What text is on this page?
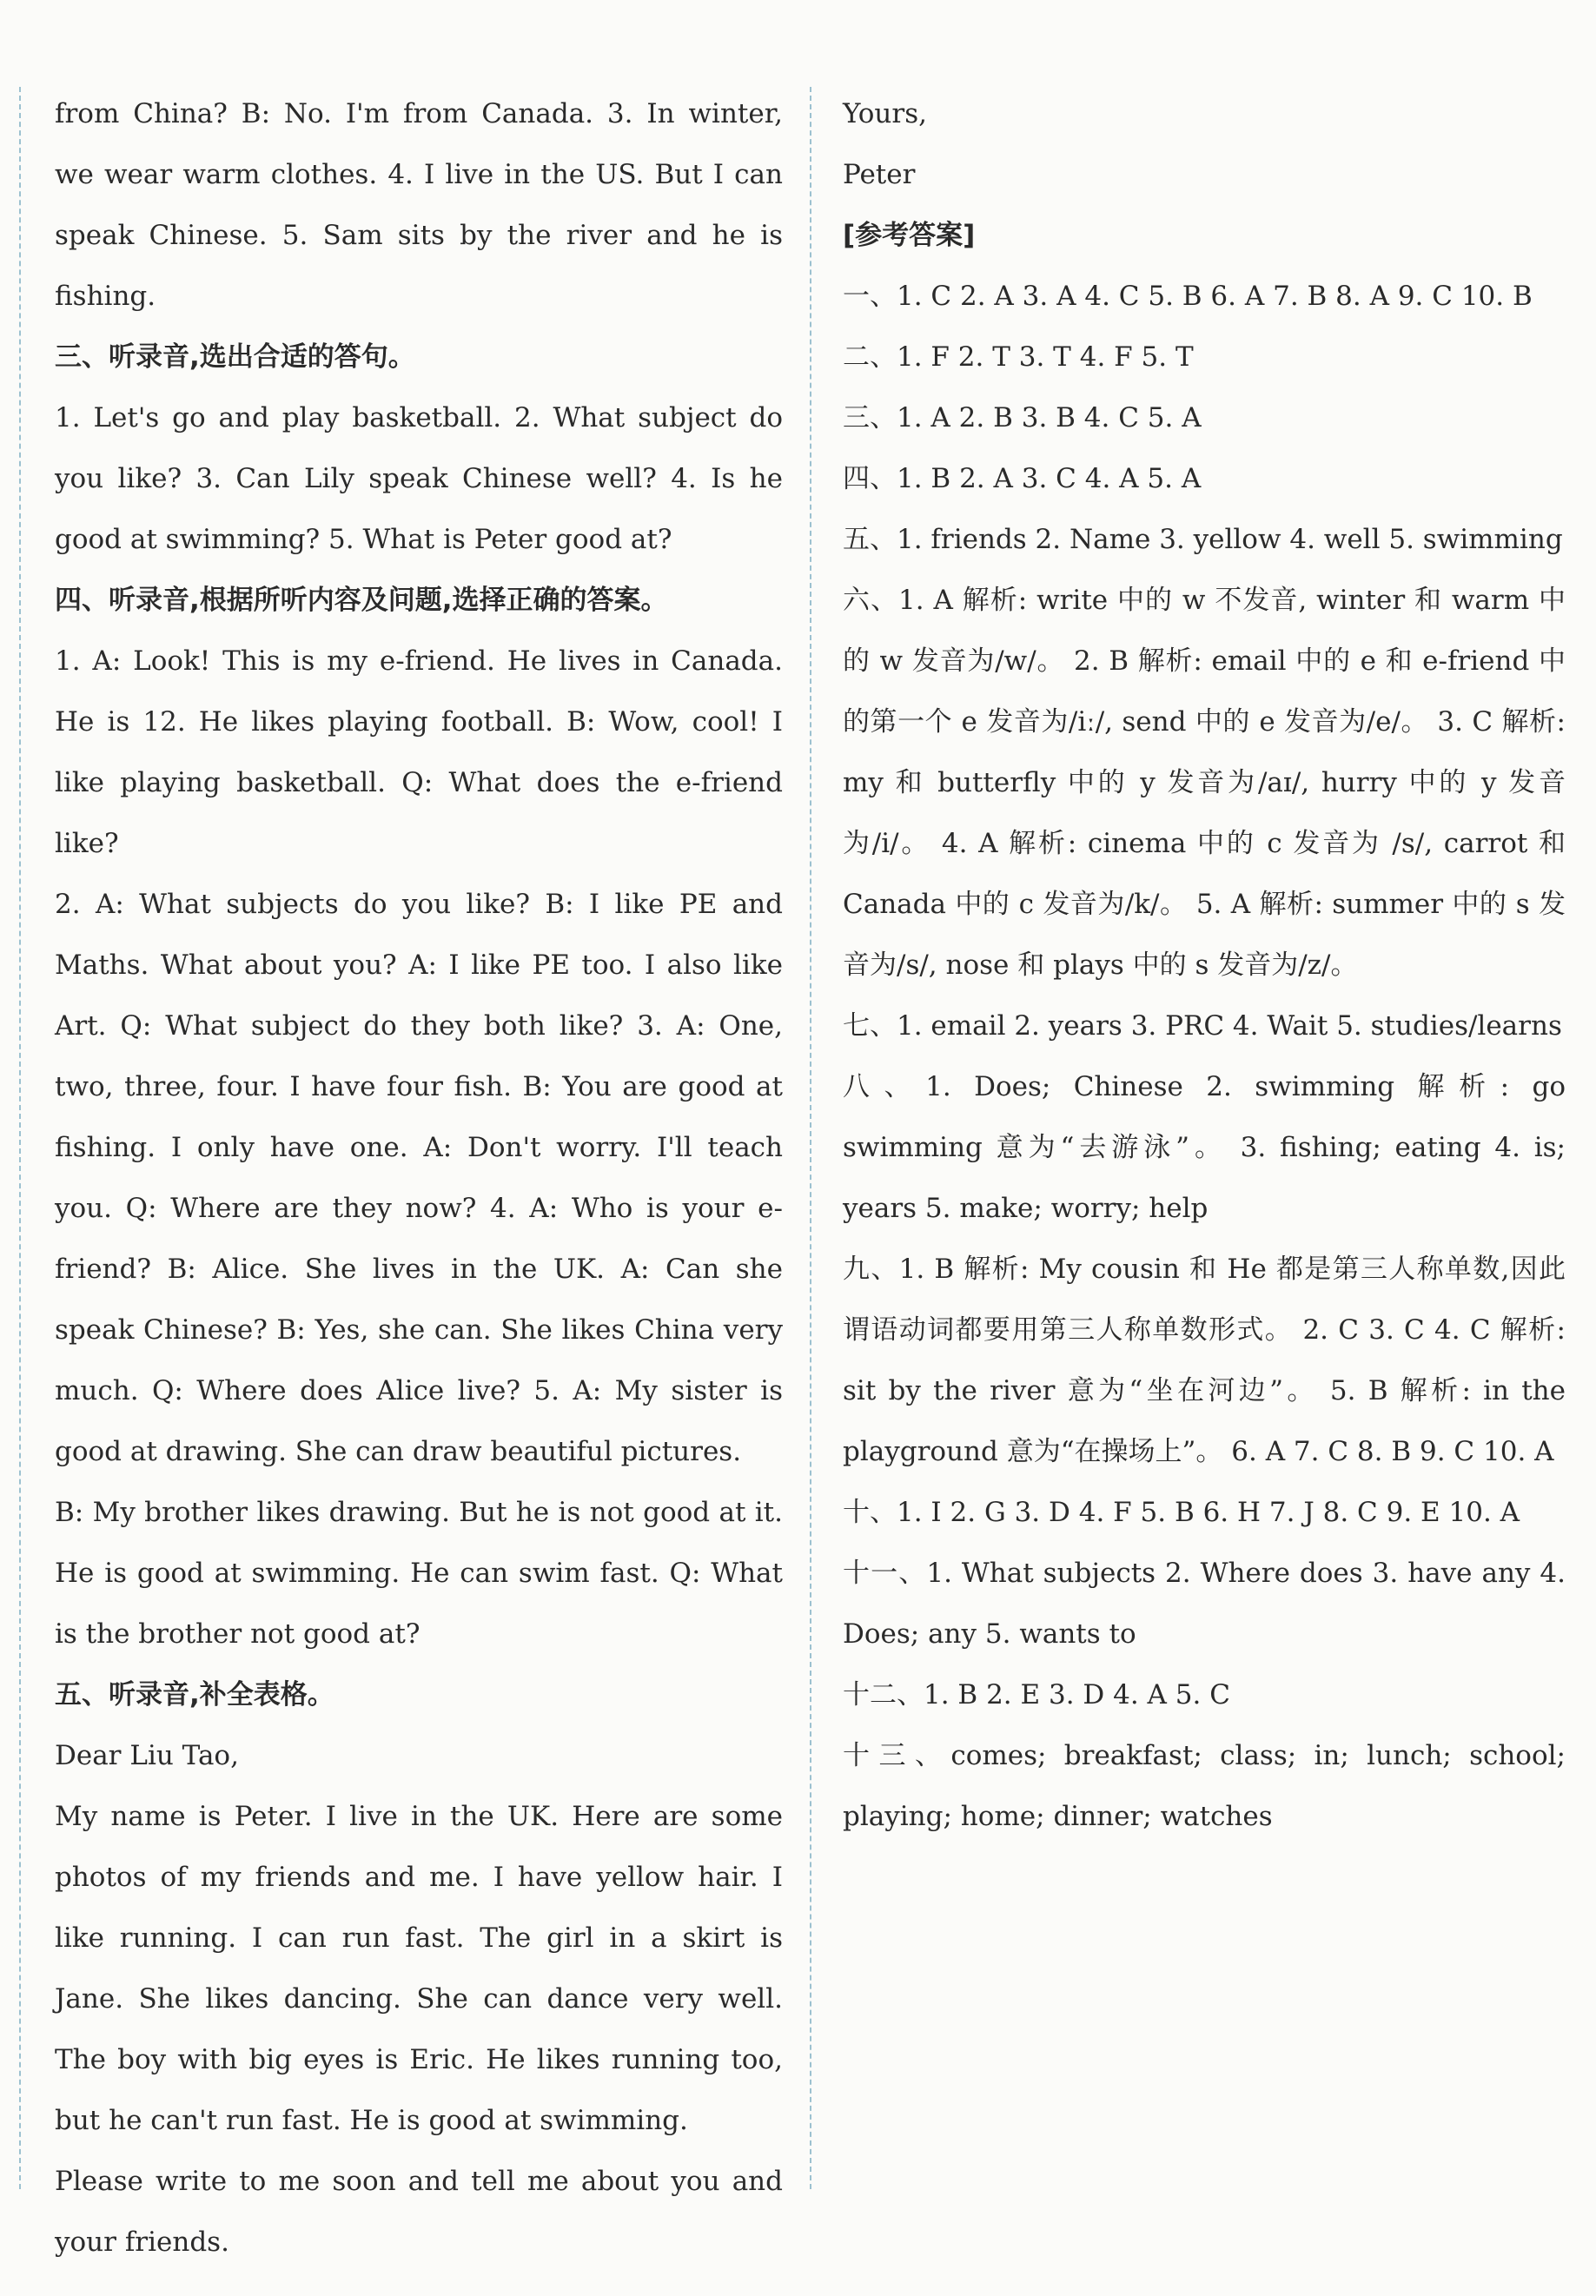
from China? B: No. I'm from Canada. 3. In winter, we wear warm clothes. 4. I live in the US. But I can speak Chinese. 5. Sam sits by the river and he is fishing.

三、听录音,选出合适的答句。

1. Let's go and play basketball. 2. What subject do you like? 3. Can Lily speak Chinese well? 4. Is he good at swimming? 5. What is Peter good at?

四、听录音,根据所听内容及问题,选择正确的答案。

1. A: Look! This is my e-friend. He lives in Canada. He is 12. He likes playing football. B: Wow, cool! I like playing basketball. Q: What does the e-friend like?

2. A: What subjects do you like? B: I like PE and Maths. What about you? A: I like PE too. I also like Art. Q: What subject do they both like? 3. A: One, two, three, four. I have four fish. B: You are good at fishing. I only have one. A: Don't worry. I'll teach you. Q: Where are they now? 4. A: Who is your e-friend? B: Alice. She lives in the UK. A: Can she speak Chinese? B: Yes, she can. She likes China very much. Q: Where does Alice live? 5. A: My sister is good at drawing. She can draw beautiful pictures.

B: My brother likes drawing. But he is not good at it. He is good at swimming. He can swim fast. Q: What is the brother not good at?

五、听录音,补全表格。

Dear Liu Tao,

My name is Peter. I live in the UK. Here are some photos of my friends and me. I have yellow hair. I like running. I can run fast. The girl in a skirt is Jane. She likes dancing. She can dance very well. The boy with big eyes is Eric. He likes running too, but he can't run fast. He is good at swimming.

Please write to me soon and tell me about you and your friends.

Yours,

Peter

[参考答案]

一、1. C 2. A 3. A 4. C 5. B 6. A 7. B 8. A 9. C 10. B

二、1. F 2. T 3. T 4. F 5. T

三、1. A 2. B 3. B 4. C 5. A

四、1. B 2. A 3. C 4. A 5. A

五、1. friends 2. Name 3. yellow 4. well 5. swimming

六、1. A 解析: write 中的 w 不发音, winter 和 warm 中的 w 发音为/w/。 2. B 解析: email 中的 e 和 e-friend 中的第一个 e 发音为/iː/, send 中的 e 发音为/e/。 3. C 解析: my 和 butterfly 中的 y 发音为/aɪ/, hurry 中的 y 发音为/i/。 4. A 解析: cinema 中的 c 发音为 /s/, carrot 和 Canada 中的 c 发音为/k/。 5. A 解析: summer 中的 s 发音为/s/, nose 和 plays 中的 s 发音为/z/。

七、1. email 2. years 3. PRC 4. Wait 5. studies/learns

八、1. Does; Chinese 2. swimming 解析: go swimming 意为“去游泳”。 3. fishing; eating 4. is; years 5. make; worry; help

九、1. B 解析: My cousin 和 He 都是第三人称单数,因此谓语动词都要用第三人称单数形式。 2. C 3. C 4. C 解析: sit by the river 意为“坐在河边”。 5. B 解析: in the playground 意为“在操场上”。 6. A 7. C 8. B 9. C 10. A

十、1. I 2. G 3. D 4. F 5. B 6. H 7. J 8. C 9. E 10. A

十一、1. What subjects 2. Where does 3. have any 4. Does; any 5. wants to

十二、1. B 2. E 3. D 4. A 5. C

十三、comes; breakfast; class; in; lunch; school; playing; home; dinner; watches
